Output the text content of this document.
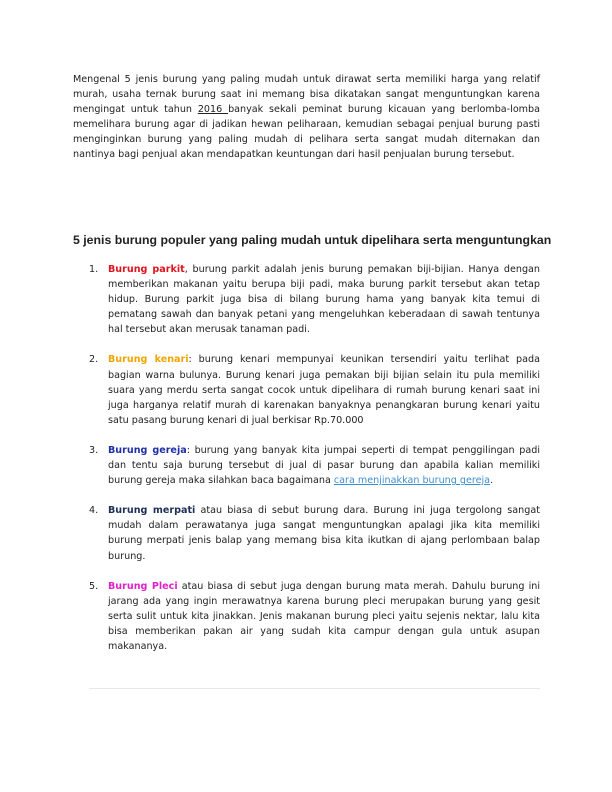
Mengenal 5 jenis burung yang paling mudah untuk dirawat serta memiliki harga yang relatif murah, usaha ternak burung saat ini memang bisa dikatakan sangat menguntungkan karena mengingat untuk tahun 2016 banyak sekali peminat burung kicauan yang berlomba-lomba memelihara burung agar di jadikan hewan peliharaan, kemudian sebagai penjual burung pasti menginginkan burung yang paling mudah di pelihara serta sangat mudah diternakan dan nantinya bagi penjual akan mendapatkan keuntungan dari hasil penjualan burung tersebut.

5 jenis burung populer yang paling mudah untuk dipelihara serta menguntungkan
1. Burung parkit, burung parkit adalah jenis burung pemakan biji-bijian. Hanya dengan memberikan makanan yaitu berupa biji padi, maka burung parkit tersebut akan tetap hidup. Burung parkit juga bisa di bilang burung hama yang banyak kita temui di pematang sawah dan banyak petani yang mengeluhkan keberadaan di sawah tentunya hal tersebut akan merusak tanaman padi.
2. Burung kenari: burung kenari mempunyai keunikan tersendiri yaitu terlihat pada bagian warna bulunya. Burung kenari juga pemakan biji bijian selain itu pula memiliki suara yang merdu serta sangat cocok untuk dipelihara di rumah burung kenari saat ini juga harganya relatif murah di karenakan banyaknya penangkaran burung kenari yaitu satu pasang burung kenari di jual berkisar Rp.70.000
3. Burung gereja: burung yang banyak kita jumpai seperti di tempat penggilingan padi dan tentu saja burung tersebut di jual di pasar burung dan apabila kalian memiliki burung gereja maka silahkan baca bagaimana cara menjinakkan burung gereja.
4. Burung merpati atau biasa di sebut burung dara. Burung ini juga tergolong sangat mudah dalam perawatanya juga sangat menguntungkan apalagi jika kita memiliki burung merpati jenis balap yang memang bisa kita ikutkan di ajang perlombaan balap burung.
5. Burung Pleci atau biasa di sebut juga dengan burung mata merah. Dahulu burung ini jarang ada yang ingin merawatnya karena burung pleci merupakan burung yang gesit serta sulit untuk kita jinakkan. Jenis makanan burung pleci yaitu sejenis nektar, lalu kita bisa memberikan pakan air yang sudah kita campur dengan gula untuk asupan makananya.
